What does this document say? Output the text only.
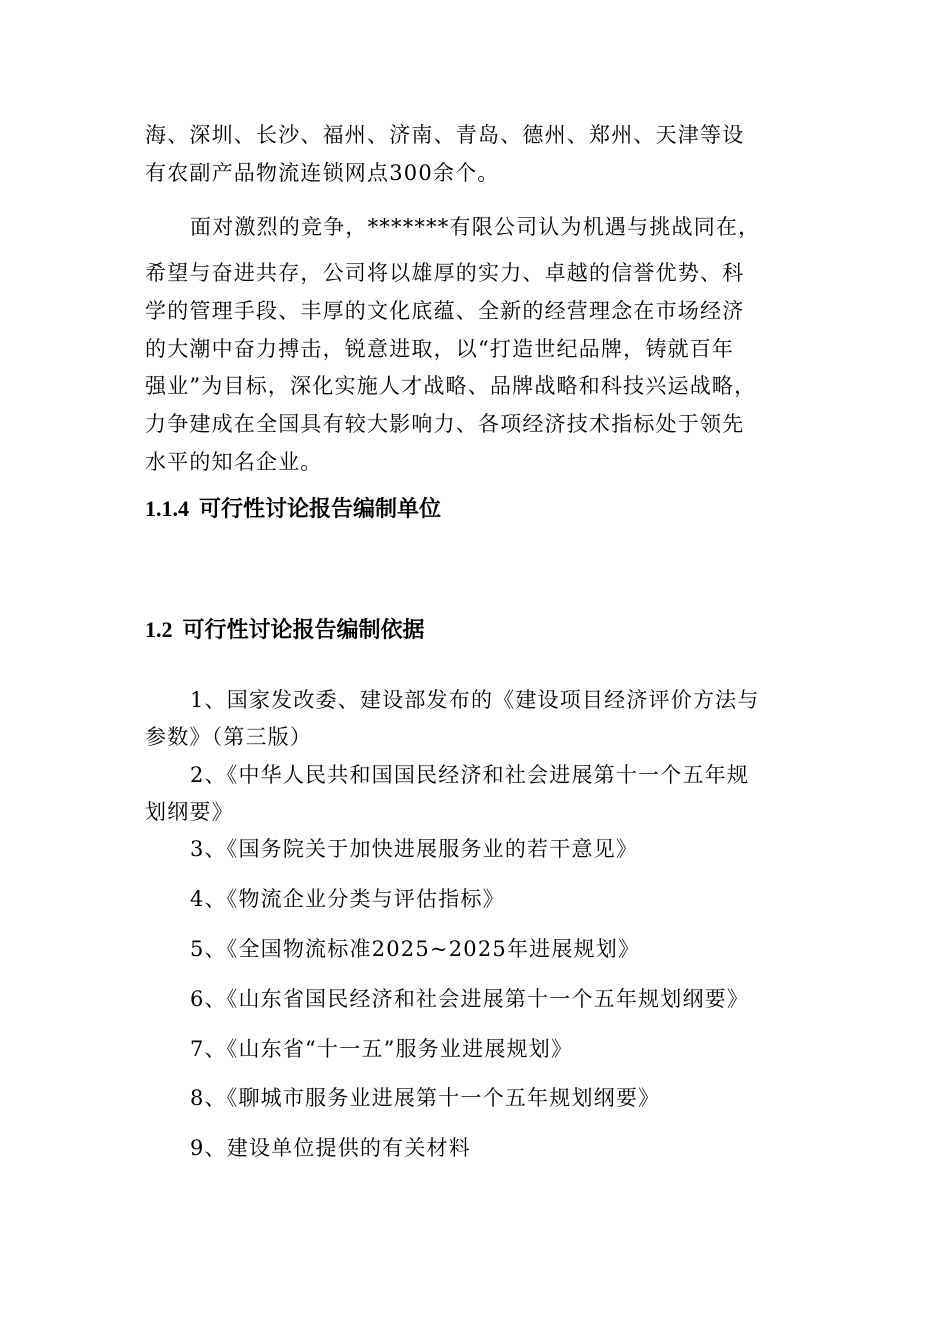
海、深圳、长沙、福州、济南、青岛、德州、郑州、天津等设
有农副产品物流连锁网点300余个。
面对激烈的竞争，*******有限公司认为机遇与挑战同在，
希望与奋进共存，公司将以雄厚的实力、卓越的信誉优势、科
学的管理手段、丰厚的文化底蕴、全新的经营理念在市场经济
的大潮中奋力搏击，锐意进取，以“打造世纪品牌，铸就百年
强业”为目标，深化实施人才战略、品牌战略和科技兴运战略，
力争建成在全国具有较大影响力、各项经济技术指标处于领先
水平的知名企业。
1.1.4 可行性讨论报告编制单位
1.2 可行性讨论报告编制依据
1、国家发改委、建设部发布的《建设项目经济评价方法与
参数》（第三版）
2、《中华人民共和国国民经济和社会进展第十一个五年规
划纲要》
3、《国务院关于加快进展服务业的若干意见》
4、《物流企业分类与评估指标》
5、《全国物流标准2025~2025年进展规划》
6、《山东省国民经济和社会进展第十一个五年规划纲要》
7、《山东省“十一五”服务业进展规划》
8、《聊城市服务业进展第十一个五年规划纲要》
9、建设单位提供的有关材料
